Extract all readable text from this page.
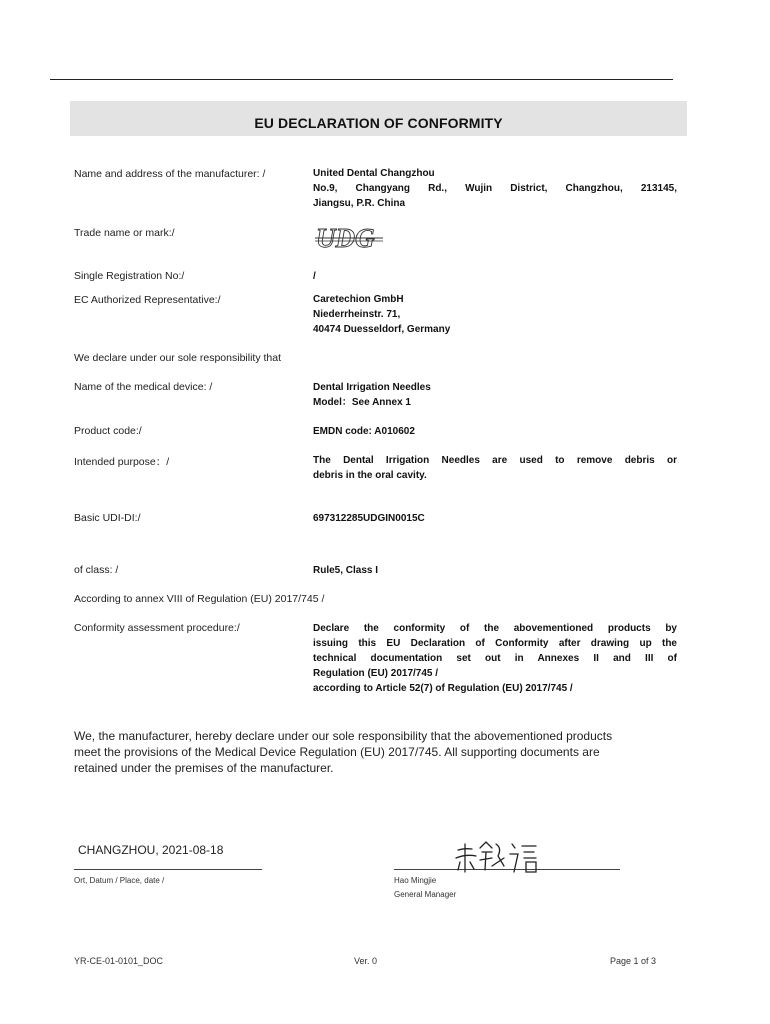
EU DECLARATION OF CONFORMITY
Name and address of the manufacturer: /	United Dental Changzhou
No.9, Changyang Rd., Wujin District, Changzhou, 213145,
Jiangsu, P.R. China
Trade name or mark:/	UDG
Single Registration No:/	/
EC Authorized Representative:/	Caretechion GmbH
Niederrheinstr. 71,
40474 Duesseldorf, Germany
We declare under our sole responsibility that
Name of the medical device: /	Dental Irrigation Needles
Model：See Annex 1
Product code:/	EMDN code: A010602
Intended purpose：/	The Dental Irrigation Needles are used to remove debris or
debris in the oral cavity.
Basic UDI-DI:/	697312285UDGIN0015C
of class: /	Rule5, Class I
According to annex VIII of Regulation (EU) 2017/745 /
Conformity assessment procedure:/	Declare the conformity of the abovementioned products by
issuing this EU Declaration of Conformity after drawing up the
technical documentation set out in Annexes II and III of
Regulation (EU) 2017/745 /
according to Article 52(7) of Regulation (EU) 2017/745 /
We, the manufacturer, hereby declare under our sole responsibility that the abovementioned products
meet the provisions of the Medical Device Regulation (EU) 2017/745. All supporting documents are
retained under the premises of the manufacturer.
CHANGZHOU, 2021-08-18
Ort, Datum / Place, date /	Hao Mingjie
General Manager
YR-CE-01-0101_DOC	Ver. 0	Page 1 of 3
